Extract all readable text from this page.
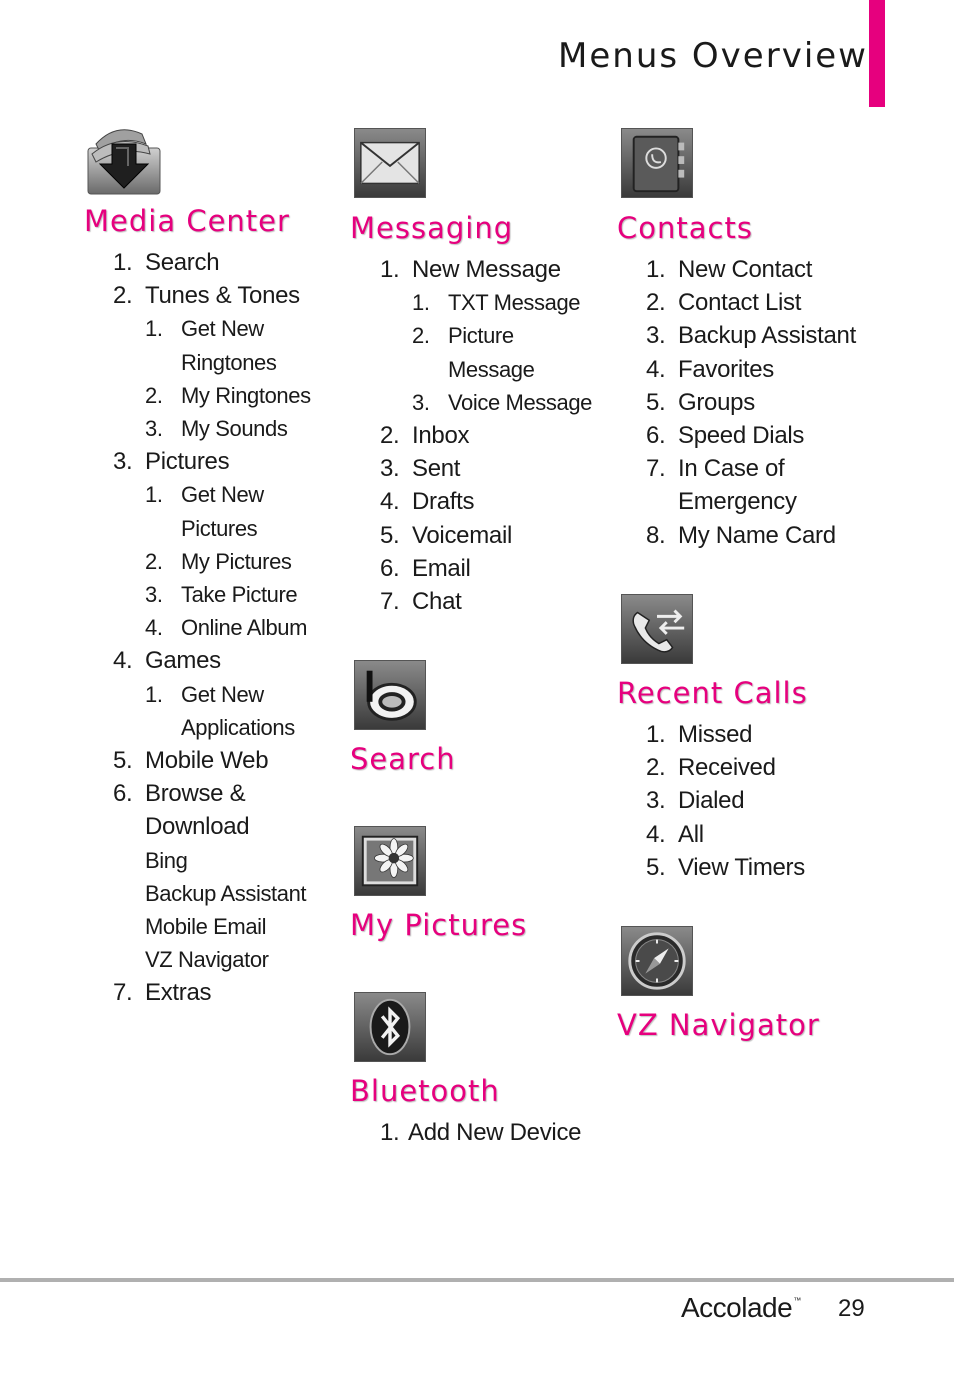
Menus Overview
Media Center
1. Search
2. Tunes & Tones
1. Get New
Ringtones
2. My Ringtones
3. My Sounds
3. Pictures
1. Get New
Pictures
2. My Pictures
3. Take Picture
4. Online Album
4. Games
1. Get New
Applications
5. Mobile Web
6. Browse &
Download
Bing
Backup Assistant
Mobile Email
VZ Navigator
7. Extras
Messaging
1. New Message
1. TXT Message
2. Picture
Message
3. Voice Message
2. Inbox
3. Sent
4. Drafts
5. Voicemail
6. Email
7. Chat
Search
My Pictures
Bluetooth
1. Add New Device
Contacts
1. New Contact
2. Contact List
3. Backup Assistant
4. Favorites
5. Groups
6. Speed Dials
7. In Case of
Emergency
8. My Name Card
Recent Calls
1. Missed
2. Received
3. Dialed
4. All
5. View Timers
VZ Navigator
Accolade™ 29
